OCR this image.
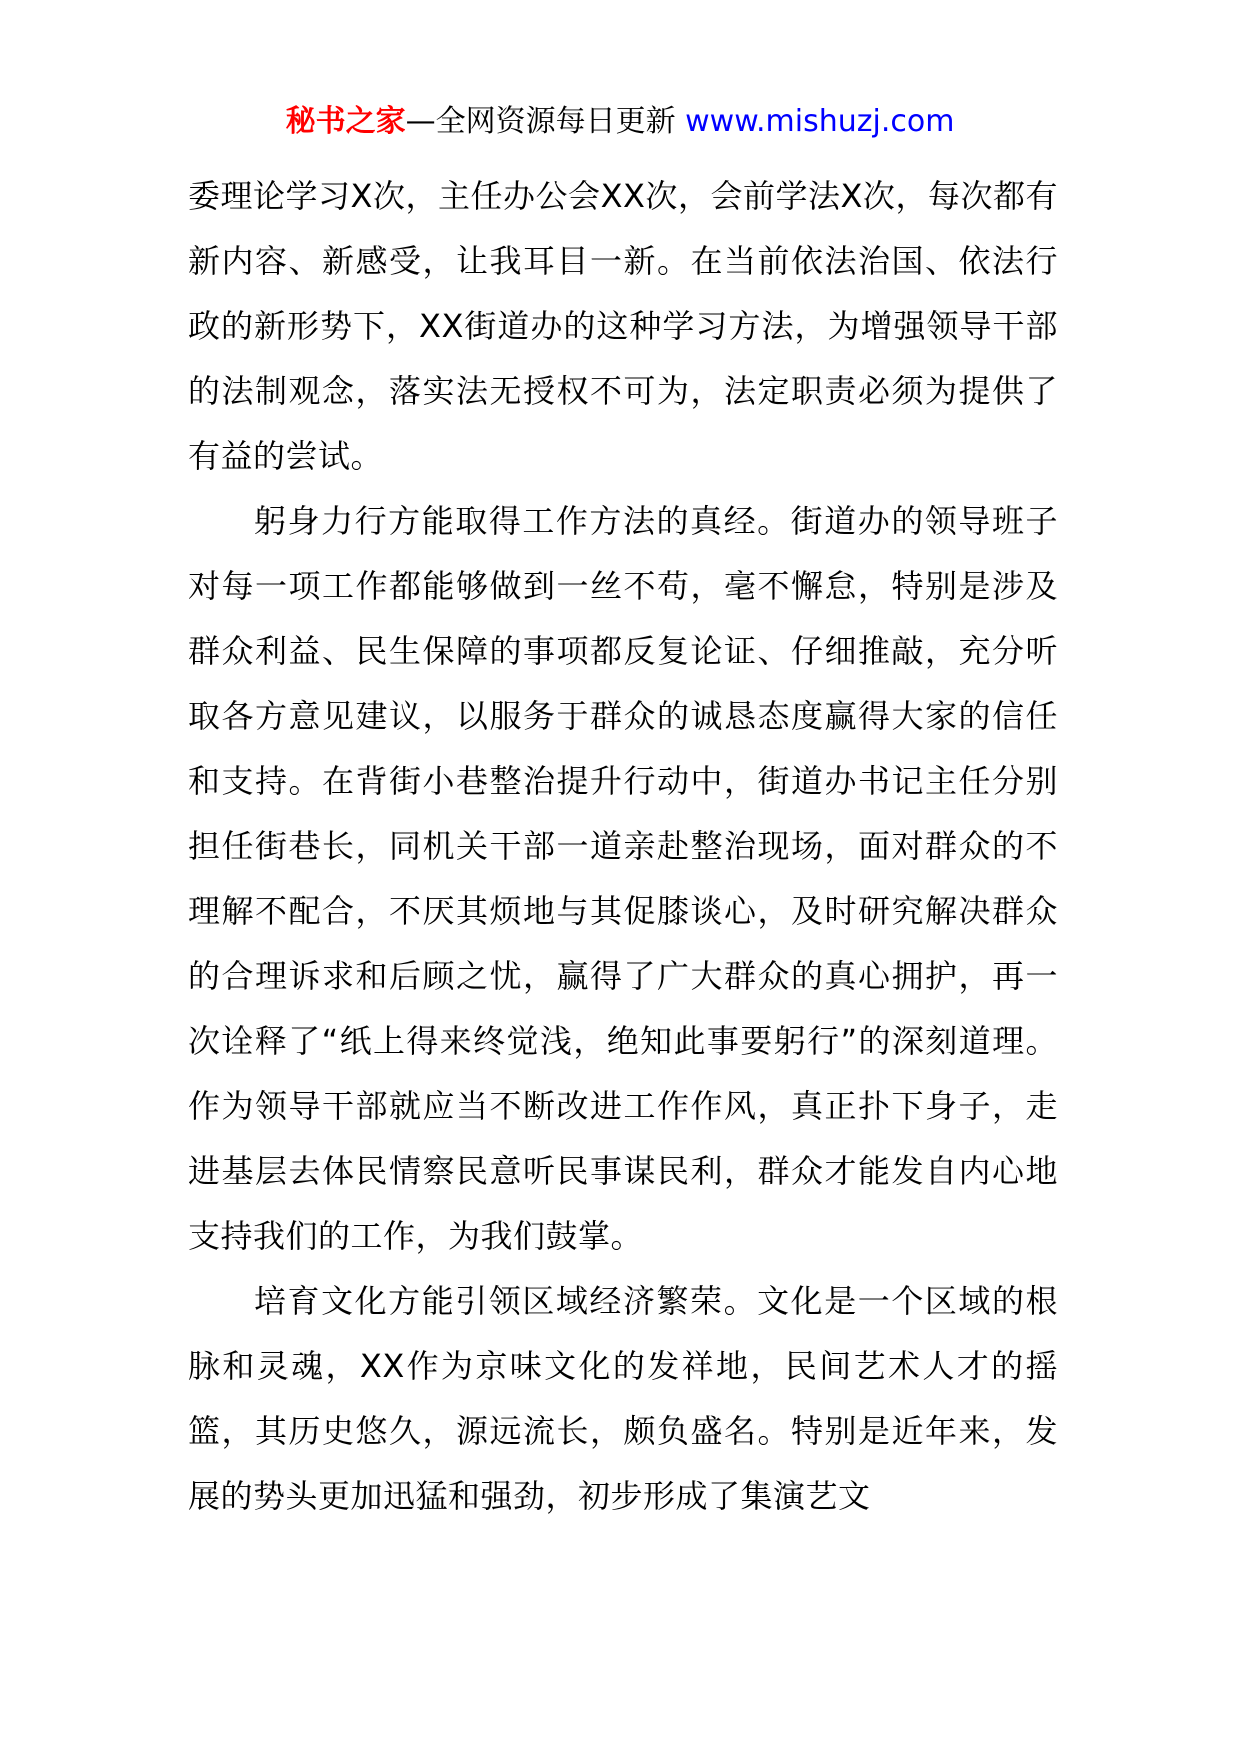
秘书之家—全网资源每日更新 www.mishuzj.com

委理论学习X次，主任办公会XX次，会前学法X次，每次都有新内容、新感受，让我耳目一新。在当前依法治国、依法行政的新形势下，XX街道办的这种学习方法，为增强领导干部的法制观念，落实法无授权不可为，法定职责必须为提供了有益的尝试。

躬身力行方能取得工作方法的真经。街道办的领导班子对每一项工作都能够做到一丝不苟，毫不懈怠，特别是涉及群众利益、民生保障的事项都反复论证、仔细推敲，充分听取各方意见建议，以服务于群众的诚恳态度赢得大家的信任和支持。在背街小巷整治提升行动中，街道办书记主任分别担任街巷长，同机关干部一道亲赴整治现场，面对群众的不理解不配合，不厌其烦地与其促膝谈心，及时研究解决群众的合理诉求和后顾之忧，赢得了广大群众的真心拥护，再一次诠释了“纸上得来终觉浅，绝知此事要躬行”的深刻道理。作为领导干部就应当不断改进工作作风，真正扑下身子，走进基层去体民情察民意听民事谋民利，群众才能发自内心地支持我们的工作，为我们鼓掌。

培育文化方能引领区域经济繁荣。文化是一个区域的根脉和灵魂，XX作为京味文化的发祥地，民间艺术人才的摇篮，其历史悠久，源远流长，颇负盛名。特别是近年来，发展的势头更加迅猛和强劲，初步形成了集演艺文
